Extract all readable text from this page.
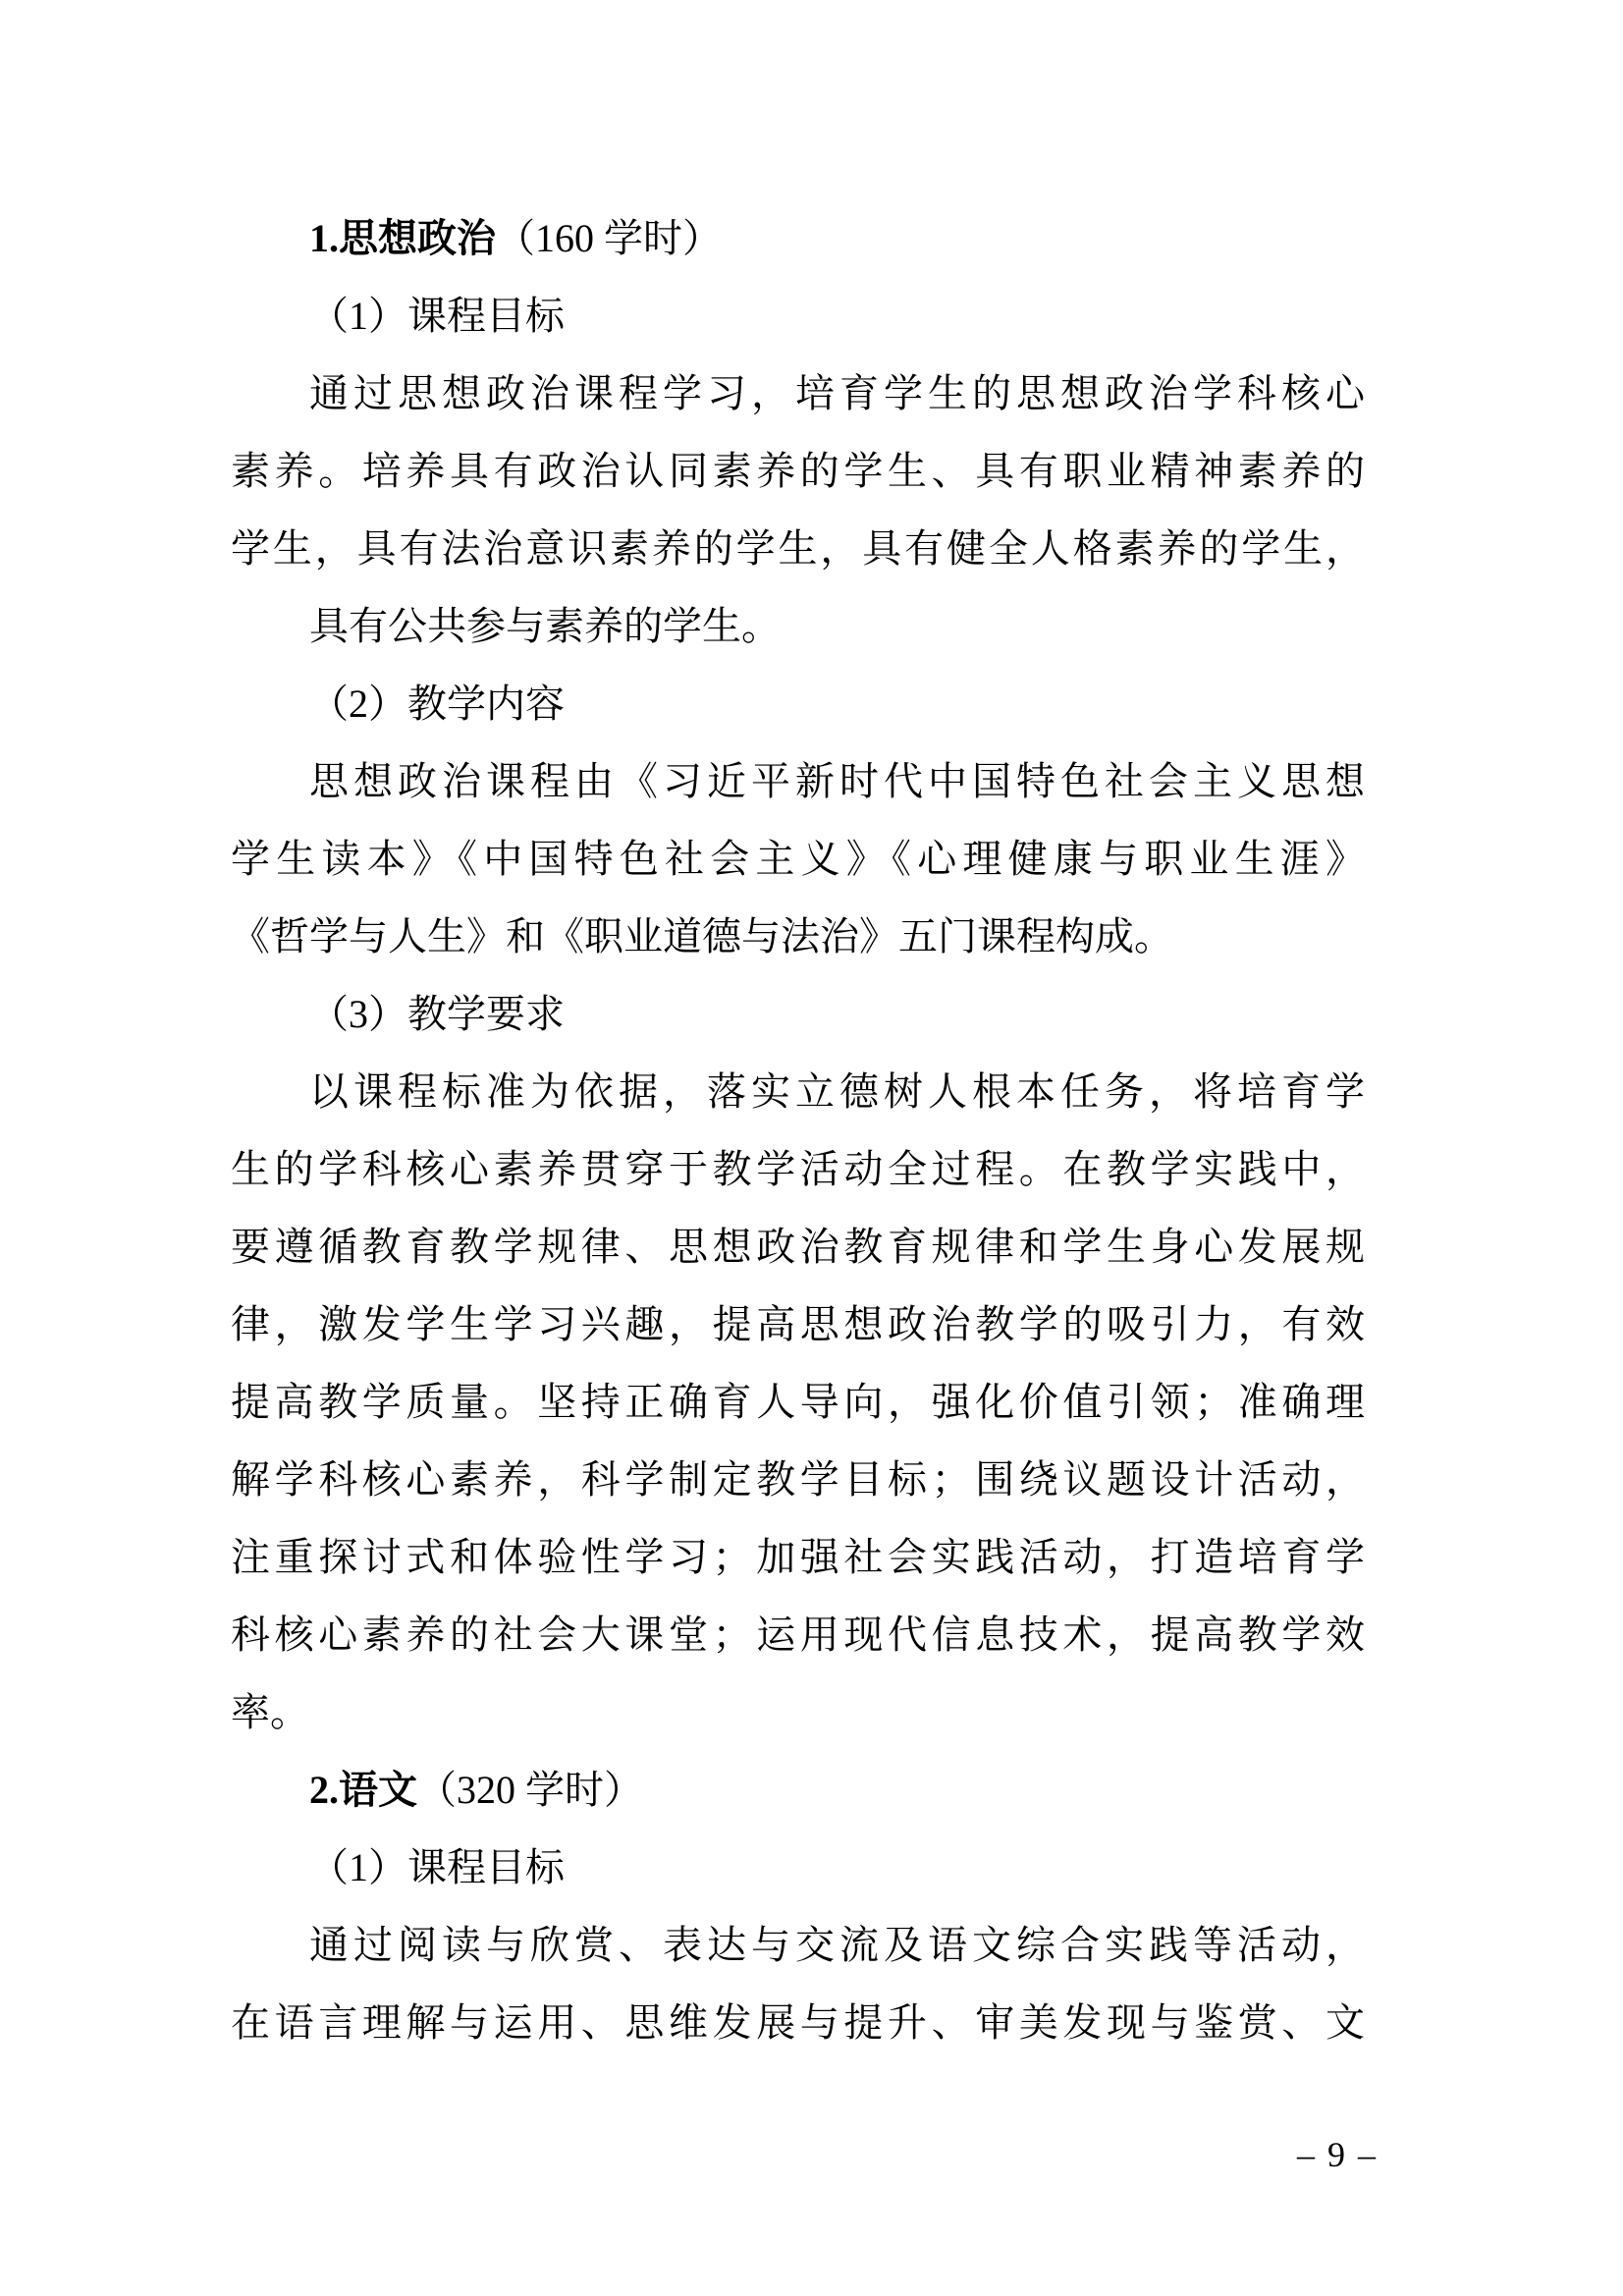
1.思想政治（160 学时）
（1）课程目标
通过思想政治课程学习，培育学生的思想政治学科核心
素养。培养具有政治认同素养的学生、具有职业精神素养的
学生，具有法治意识素养的学生，具有健全人格素养的学生，
具有公共参与素养的学生。
（2）教学内容
思想政治课程由《习近平新时代中国特色社会主义思想
学生读本》《中国特色社会主义》《心理健康与职业生涯》
《哲学与人生》和《职业道德与法治》五门课程构成。
（3）教学要求
以课程标准为依据，落实立德树人根本任务，将培育学
生的学科核心素养贯穿于教学活动全过程。在教学实践中，
要遵循教育教学规律、思想政治教育规律和学生身心发展规
律，激发学生学习兴趣，提高思想政治教学的吸引力，有效
提高教学质量。坚持正确育人导向，强化价值引领；准确理
解学科核心素养，科学制定教学目标；围绕议题设计活动，
注重探讨式和体验性学习；加强社会实践活动，打造培育学
科核心素养的社会大课堂；运用现代信息技术，提高教学效
率。
2.语文（320 学时）
（1）课程目标
通过阅读与欣赏、表达与交流及语文综合实践等活动，
在语言理解与运用、思维发展与提升、审美发现与鉴赏、文
– 9 –
